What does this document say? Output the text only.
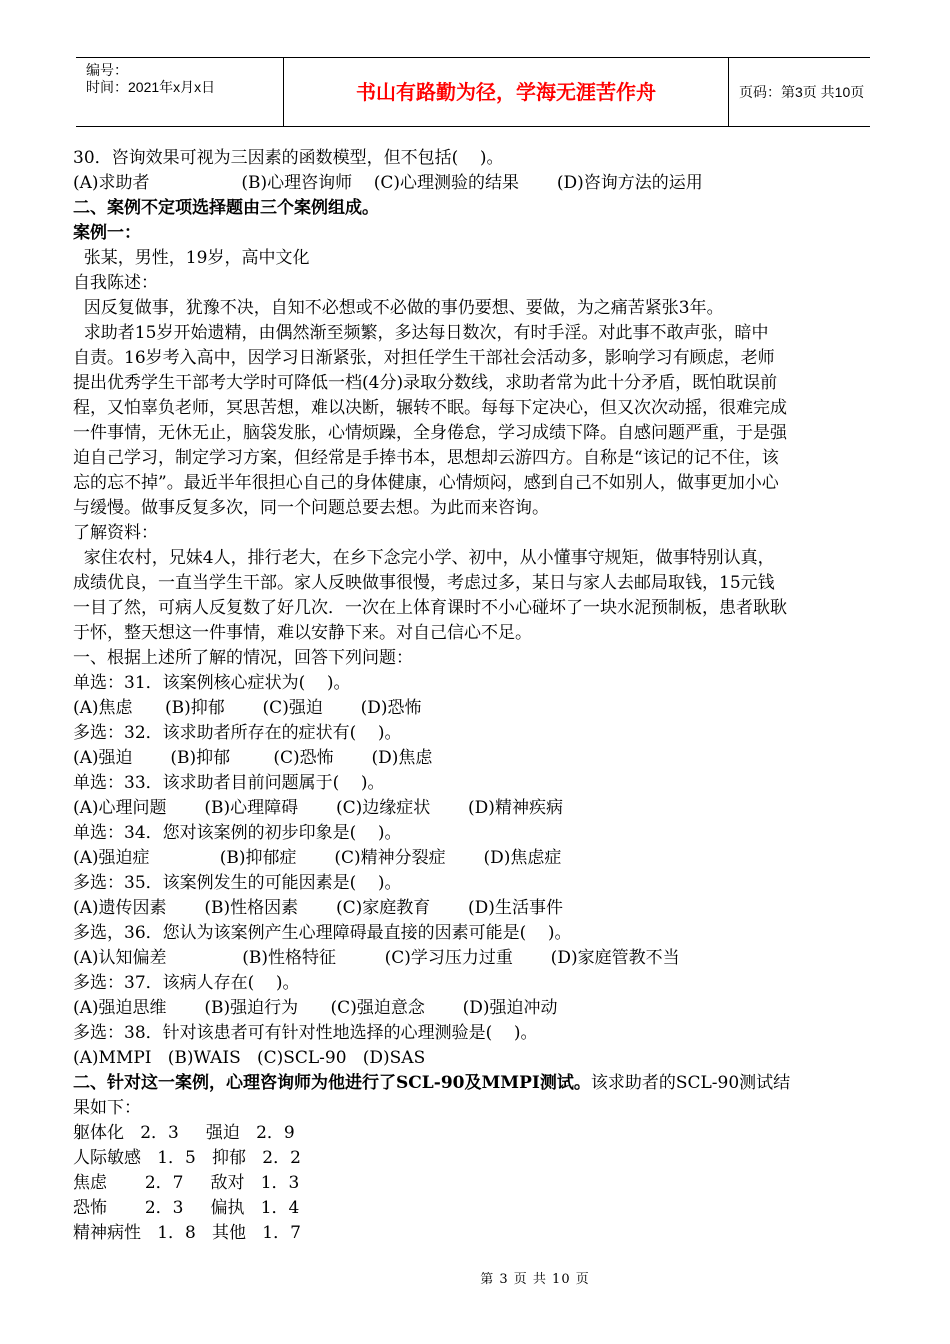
编号：
时间：2021年x月x日	书山有路勤为径，学海无涯苦作舟	页码：第3页 共10页
30．咨询效果可视为三因素的函数模型，但不包括(    )。
(A)求助者                 (B)心理咨询师    (C)心理测验的结果       (D)咨询方法的运用
二、案例不定项选择题由三个案例组成。
案例一：
张某，男性，19岁，高中文化
自我陈述：
因反复做事，犹豫不决，自知不必想或不必做的事仍要想、要做，为之痛苦紧张3年。
求助者15岁开始遗精，由偶然渐至频繁，多达每日数次，有时手淫。对此事不敢声张，暗中
自责。16岁考入高中，因学习日渐紧张，对担任学生干部社会活动多，影响学习有顾虑，老师
提出优秀学生干部考大学时可降低一档(4分)录取分数线，求助者常为此十分矛盾，既怕耽误前
程，又怕辜负老师，冥思苦想，难以决断，辗转不眠。每每下定决心，但又次次动摇，很难完成
一件事情，无休无止，脑袋发胀，心情烦躁，全身倦怠，学习成绩下降。自感问题严重，于是强
迫自己学习，制定学习方案，但经常是手捧书本，思想却云游四方。自称是“该记的记不住，该
忘的忘不掉”。最近半年很担心自己的身体健康，心情烦闷，感到自己不如别人，做事更加小心
与缓慢。做事反复多次，同一个问题总要去想。为此而来咨询。
了解资料：
家住农村，兄妹4人，排行老大，在乡下念完小学、初中，从小懂事守规矩，做事特别认真，
成绩优良，一直当学生干部。家人反映做事很慢，考虑过多，某日与家人去邮局取钱，15元钱
一目了然，可病人反复数了好几次．一次在上体育课时不小心碰坏了一块水泥预制板，患者耿耿
于怀，整天想这一件事情，难以安静下来。对自己信心不足。
一、根据上述所了解的情况，回答下列问题：
单选：31．该案例核心症状为(    )。
(A)焦虑      (B)抑郁       (C)强迫       (D)恐怖
多选：32．该求助者所存在的症状有(    )。
(A)强迫       (B)抑郁        (C)恐怖       (D)焦虑
单选：33．该求助者目前问题属于(    )。
(A)心理问题       (B)心理障碍       (C)边缘症状       (D)精神疾病
单选：34．您对该案例的初步印象是(    )。
(A)强迫症             (B)抑郁症       (C)精神分裂症       (D)焦虑症
多选：35．该案例发生的可能因素是(    )。
(A)遗传因素       (B)性格因素       (C)家庭教育       (D)生活事件
多选，36．您认为该案例产生心理障碍最直接的因素可能是(    )。
(A)认知偏差              (B)性格特征         (C)学习压力过重       (D)家庭管教不当
多选：37．该病人存在(    )。
(A)强迫思维       (B)强迫行为      (C)强迫意念       (D)强迫冲动
多选：38．针对该患者可有针对性地选择的心理测验是(    )。
(A)MMPI   (B)WAIS   (C)SCL-90   (D)SAS
二、针对这一案例，心理咨询师为他进行了SCL-90及MMPI测试。该求助者的SCL-90测试结
果如下：
躯体化   2．3     强迫   2．9
人际敏感   1．5   抑郁   2．2
焦虑       2．7     敌对   1．3
恐怖       2．3     偏执   1．4
精神病性   1．8   其他   1．7
第 3 页 共 10 页
